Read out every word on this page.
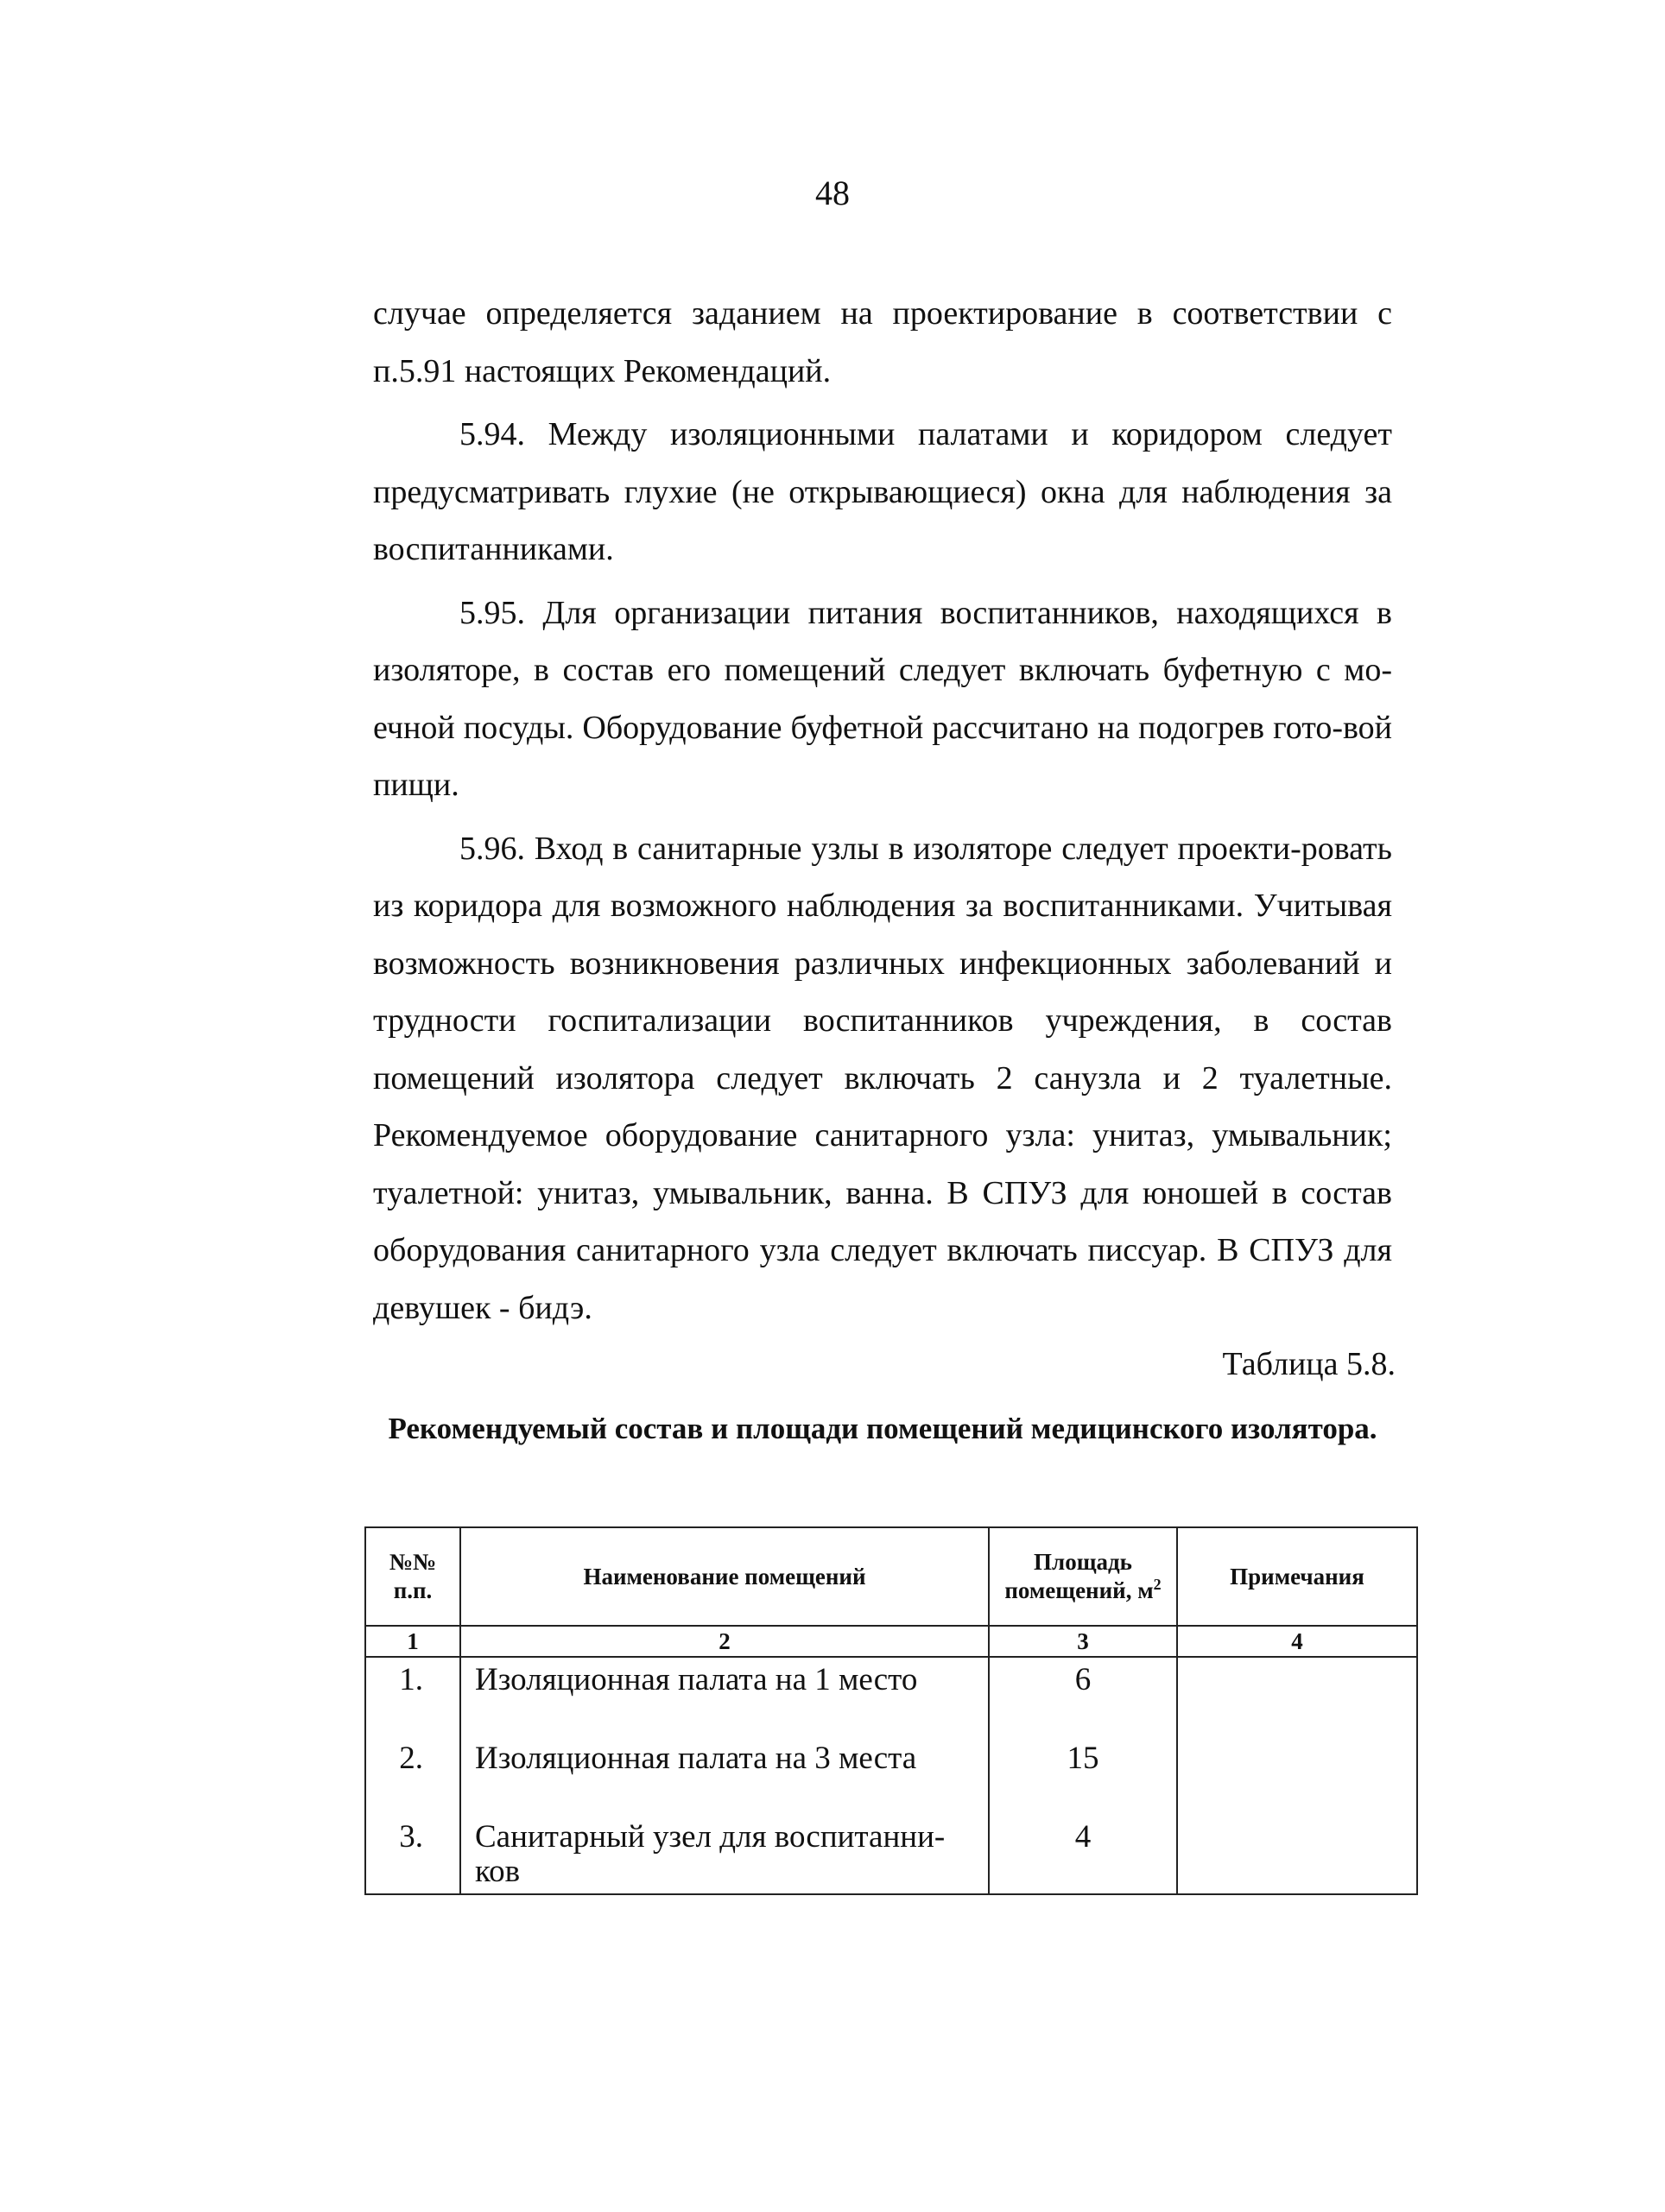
48

случае определяется заданием на проектирование в соответствии с п.5.91 настоящих Рекомендаций.

5.94. Между изоляционными палатами и коридором следует предусматривать глухие (не открывающиеся) окна для наблюдения за воспитанниками.

5.95. Для организации питания воспитанников, находящихся в изоляторе, в состав его помещений следует включать буфетную с мо-ечной посуды. Оборудование буфетной рассчитано на подогрев гото-вой пищи.

5.96. Вход в санитарные узлы в изоляторе следует проекти-ровать из коридора для возможного наблюдения за воспитанниками. Учитывая возможность возникновения различных инфекционных заболеваний и трудности госпитализации воспитанников учреждения, в состав помещений изолятора следует включать 2 санузла и 2 туалетные. Рекомендуемое оборудование санитарного узла: унитаз, умывальник; туалетной: унитаз, умывальник, ванна. В СПУЗ для юношей в состав оборудования санитарного узла следует включать писсуар. В СПУЗ для девушек - бидэ.

Таблица 5.8.
Рекомендуемый состав и площади помещений медицинского изолятора.
№№ п.п.	Наименование помещений	Площадь помещений, $м^2$	Примечания
1	2	3	4
1.	Изоляционная палата на 1 место	6	
2.	Изоляционная палата на 3 места	15	
3.	Санитарный узел для воспитанни-ков	4	
